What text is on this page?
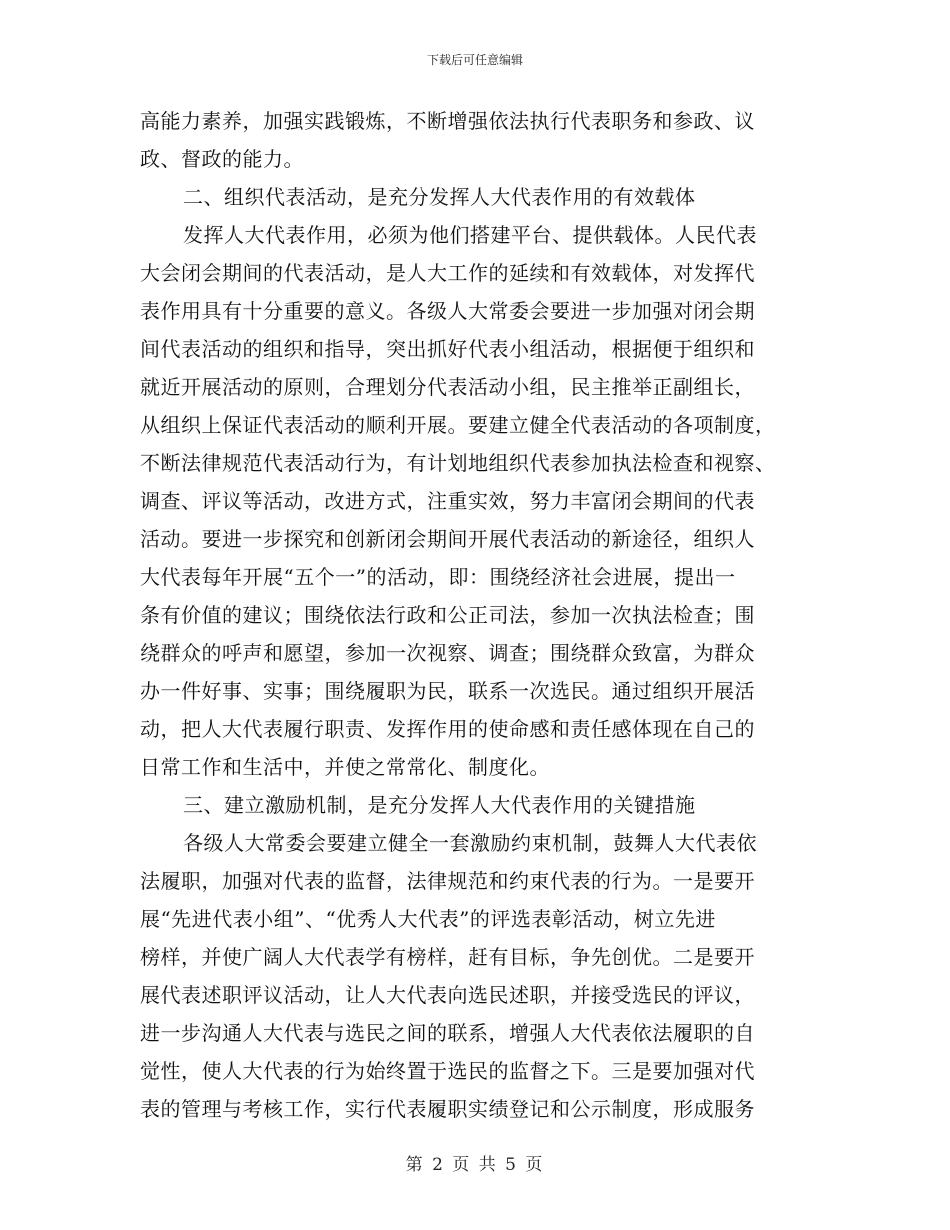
下载后可任意编辑
高能力素养，加强实践锻炼，不断增强依法执行代表职务和参政、议
政、督政的能力。
二、组织代表活动，是充分发挥人大代表作用的有效载体
发挥人大代表作用，必须为他们搭建平台、提供载体。人民代表
大会闭会期间的代表活动，是人大工作的延续和有效载体，对发挥代
表作用具有十分重要的意义。各级人大常委会要进一步加强对闭会期
间代表活动的组织和指导，突出抓好代表小组活动，根据便于组织和
就近开展活动的原则，合理划分代表活动小组，民主推举正副组长，
从组织上保证代表活动的顺利开展。要建立健全代表活动的各项制度，
不断法律规范代表活动行为，有计划地组织代表参加执法检查和视察、
调查、评议等活动，改进方式，注重实效，努力丰富闭会期间的代表
活动。要进一步探究和创新闭会期间开展代表活动的新途径，组织人
大代表每年开展“五个一”的活动，即：围绕经济社会进展，提出一
条有价值的建议；围绕依法行政和公正司法，参加一次执法检查；围
绕群众的呼声和愿望，参加一次视察、调查；围绕群众致富，为群众
办一件好事、实事；围绕履职为民，联系一次选民。通过组织开展活
动，把人大代表履行职责、发挥作用的使命感和责任感体现在自己的
日常工作和生活中，并使之常常化、制度化。
三、建立激励机制，是充分发挥人大代表作用的关键措施
各级人大常委会要建立健全一套激励约束机制，鼓舞人大代表依
法履职，加强对代表的监督，法律规范和约束代表的行为。一是要开
展“先进代表小组”、“优秀人大代表”的评选表彰活动，树立先进
榜样，并使广阔人大代表学有榜样，赶有目标，争先创优。二是要开
展代表述职评议活动，让人大代表向选民述职，并接受选民的评议，
进一步沟通人大代表与选民之间的联系，增强人大代表依法履职的自
觉性，使人大代表的行为始终置于选民的监督之下。三是要加强对代
表的管理与考核工作，实行代表履职实绩登记和公示制度，形成服务
第 2 页 共 5 页
